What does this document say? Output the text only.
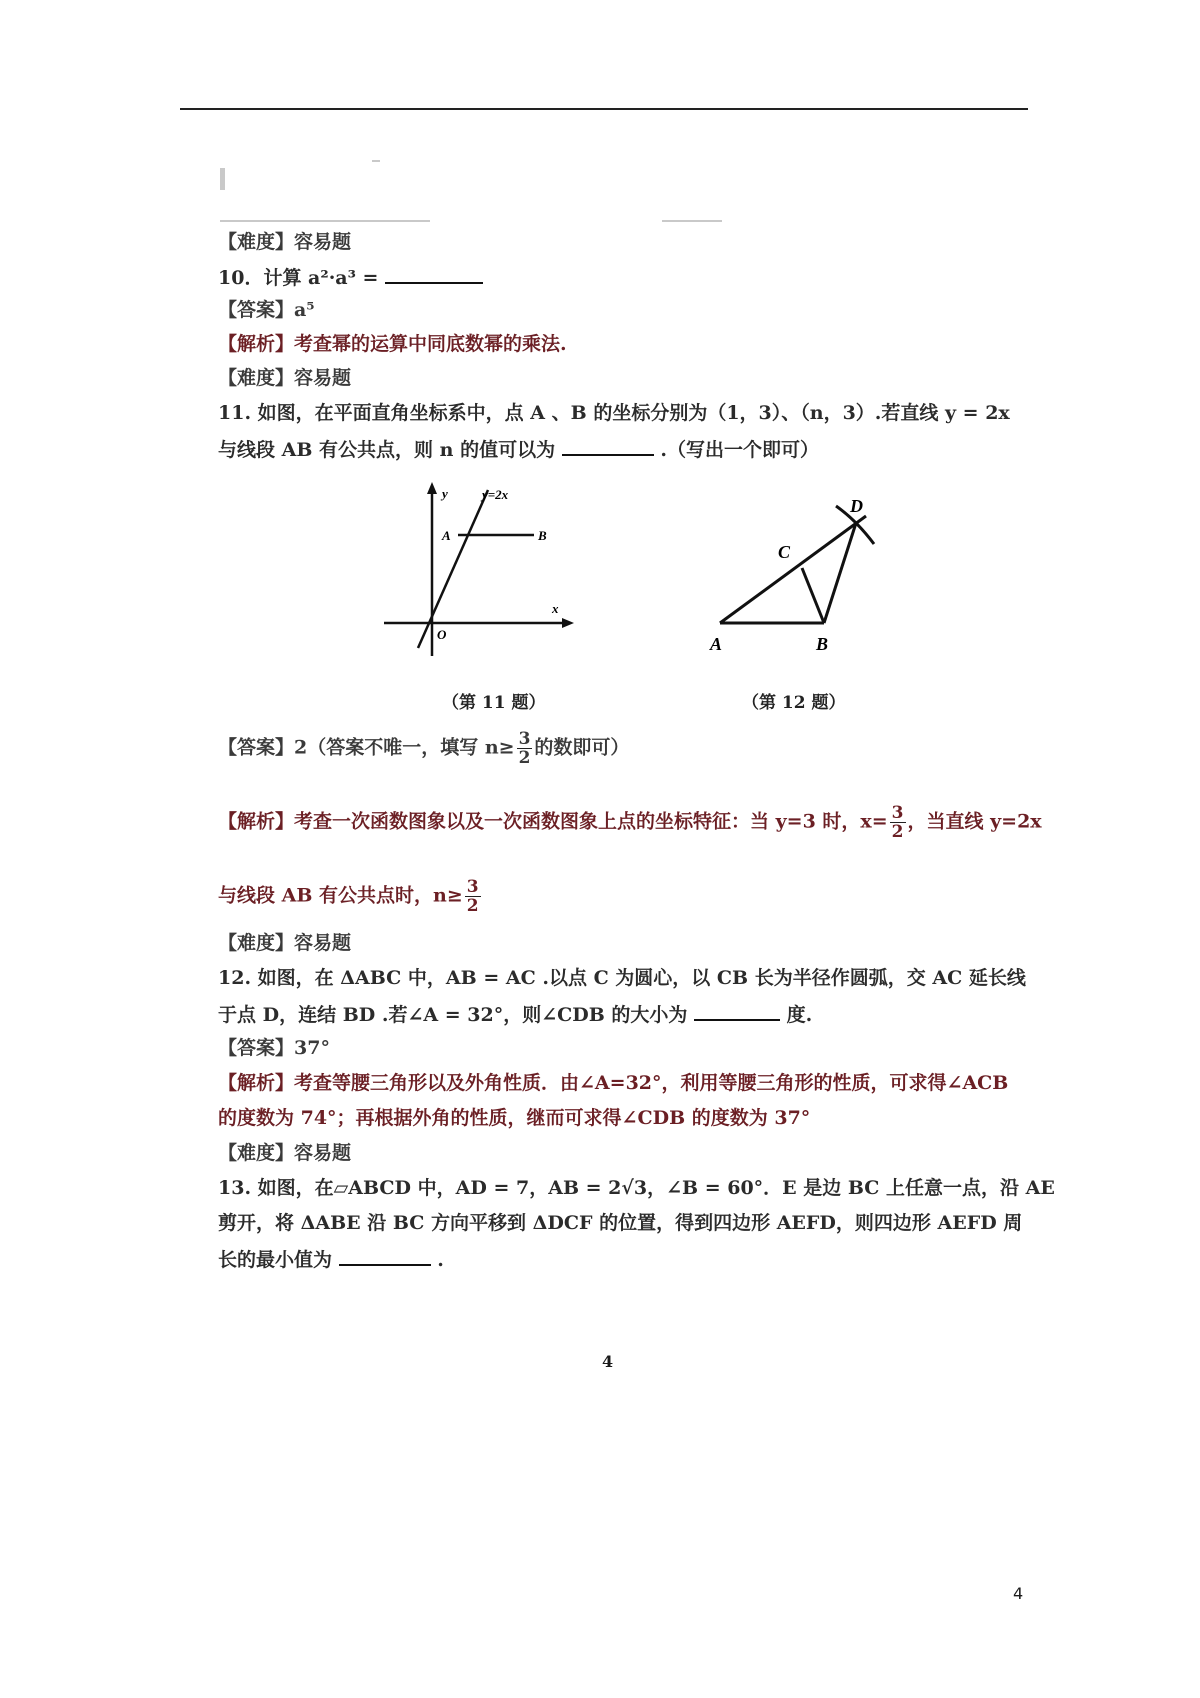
【难度】容易题
10．计算 a²·a³ =
【答案】a⁵
【解析】考查幂的运算中同底数幂的乘法.
【难度】容易题
11. 如图，在平面直角坐标系中，点 A 、B 的坐标分别为（1，3）、（n，3）.若直线 y = 2x
与线段 AB 有公共点，则 n 的值可以为	.（写出一个即可）
y	y=2x
A	B
x
O	A	B
C
D
（第 11 题）	（第 12 题）
【答案】2（答案不唯一，填写 $n\ge \frac{3}{2}$ 的数即可）
【解析】考查一次函数图象以及一次函数图象上点的坐标特征：当 y=3 时，$x= \frac{3}{2}$ ，当直线 y=2x
与线段 AB 有公共点时，$n\ge \frac{3}{2}$
【难度】容易题
12. 如图，在 ΔABC 中，AB = AC .以点 C 为圆心，以 CB 长为半径作圆弧，交 AC 延长线
于点 D，连结 BD .若∠A = 32°，则∠CDB 的大小为	度.
【答案】37°
【解析】考查等腰三角形以及外角性质．由∠A=32°，利用等腰三角形的性质，可求得∠ACB
的度数为 74°；再根据外角的性质，继而可求得∠CDB 的度数为 37°
【难度】容易题
13. 如图，在▱ABCD 中，AD = 7，AB = 2√3，∠B = 60°．E 是边 BC 上任意一点，沿 AE
剪开，将 ΔABE 沿 BC 方向平移到 ΔDCF 的位置，得到四边形 AEFD，则四边形 AEFD 周
长的最小值为	.
4
4
